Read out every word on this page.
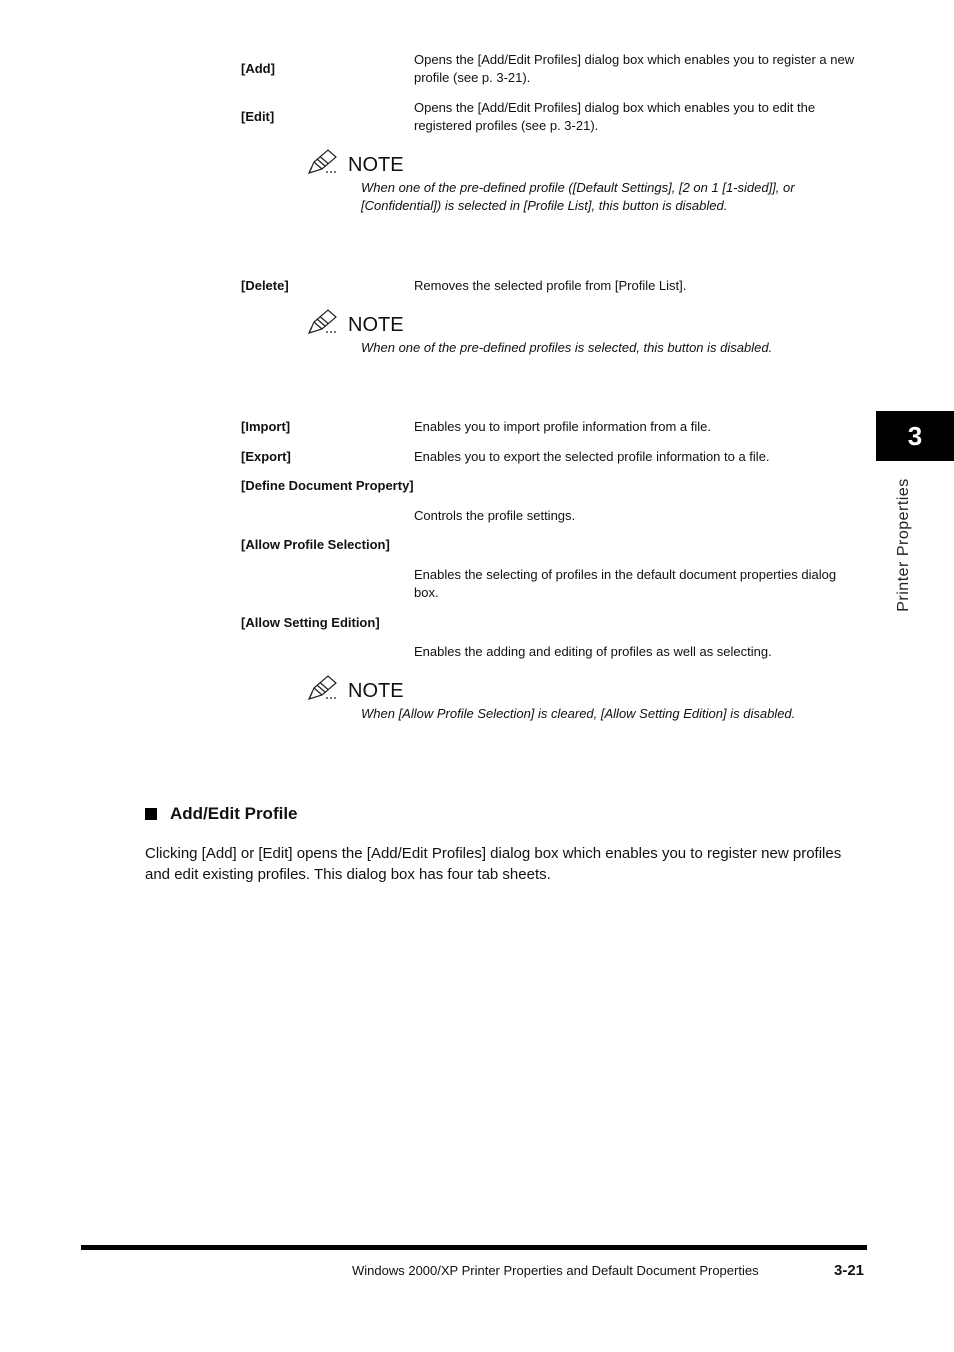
[Add]
Opens the [Add/Edit Profiles] dialog box which enables you to register a new profile (see p. 3-21).
[Edit]
Opens the [Add/Edit Profiles] dialog box which enables you to edit the registered profiles (see p. 3-21).
NOTE
When one of the pre-defined profile ([Default Settings], [2 on 1 [1-sided]], or [Confidential]) is selected in [Profile List], this button is disabled.
[Delete]	Removes the selected profile from [Profile List].
NOTE
When one of the pre-defined profiles is selected, this button is disabled.
[Import]	Enables you to import profile information from a file.
[Export]	Enables you to export the selected profile information to a file.
[Define Document Property]
Controls the profile settings.
[Allow Profile Selection]
Enables the selecting of profiles in the default document properties dialog box.
[Allow Setting Edition]
Enables the adding and editing of profiles as well as selecting.
NOTE
When [Allow Profile Selection] is cleared, [Allow Setting Edition] is disabled.
Add/Edit Profile
Clicking [Add] or [Edit] opens the [Add/Edit Profiles] dialog box which enables you to register new profiles and edit existing profiles. This dialog box has four tab sheets.
3
Printer Properties
Windows 2000/XP Printer Properties and Default Document Properties	3-21
